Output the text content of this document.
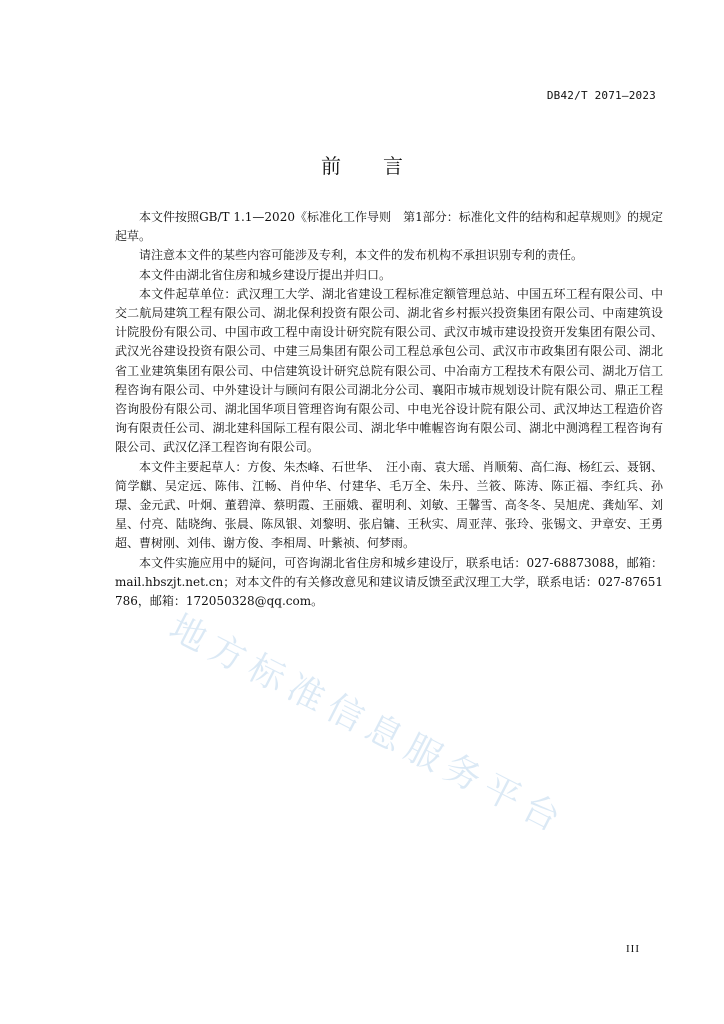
DB42/T 2071—2023
前言

本文件按照GB/T 1.1—2020《标准化工作导则　第1部分：标准化文件的结构和起草规则》的规定起草。

请注意本文件的某些内容可能涉及专利，本文件的发布机构不承担识别专利的责任。

本文件由湖北省住房和城乡建设厅提出并归口。

本文件起草单位：武汉理工大学、湖北省建设工程标准定额管理总站、中国五环工程有限公司、中交二航局建筑工程有限公司、湖北保利投资有限公司、湖北省乡村振兴投资集团有限公司、中南建筑设计院股份有限公司、中国市政工程中南设计研究院有限公司、武汉市城市建设投资开发集团有限公司、武汉光谷建设投资有限公司、中建三局集团有限公司工程总承包公司、武汉市市政集团有限公司、湖北省工业建筑集团有限公司、中信建筑设计研究总院有限公司、中冶南方工程技术有限公司、湖北万信工程咨询有限公司、中外建设计与顾问有限公司湖北分公司、襄阳市城市规划设计院有限公司、鼎正工程咨询股份有限公司、湖北国华项目管理咨询有限公司、中电光谷设计院有限公司、武汉坤达工程造价咨询有限责任公司、湖北建科国际工程有限公司、湖北华中帷幄咨询有限公司、湖北中测鸿程工程咨询有限公司、武汉亿泽工程咨询有限公司。

本文件主要起草人：方俊、朱杰峰、石世华、　汪小南、袁大瑶、肖顺菊、高仁海、杨红云、聂钢、简学麒、吴定远、陈伟、江畅、肖仲华、付建华、毛万全、朱丹、兰筱、陈涛、陈正福、李红兵、孙璟、金元武、叶炯、董碧漳、蔡明霞、王丽娥、翟明利、刘敏、王馨雪、高冬冬、吴旭虎、龚灿军、刘星、付亮、陆晓绚、张晨、陈凤银、刘黎明、张启镛、王秋实、周亚萍、张玲、张锡文、尹章安、王勇超、曹树刚、刘伟、谢方俊、李相周、叶紫祯、何梦雨。

本文件实施应用中的疑问，可咨询湖北省住房和城乡建设厅，联系电话：027-68873088，邮箱：mail.hbszjt.net.cn；对本文件的有关修改意见和建议请反馈至武汉理工大学，联系电话：027-87651786，邮箱：172050328@qq.com。

地方标准信息服务平台
III
